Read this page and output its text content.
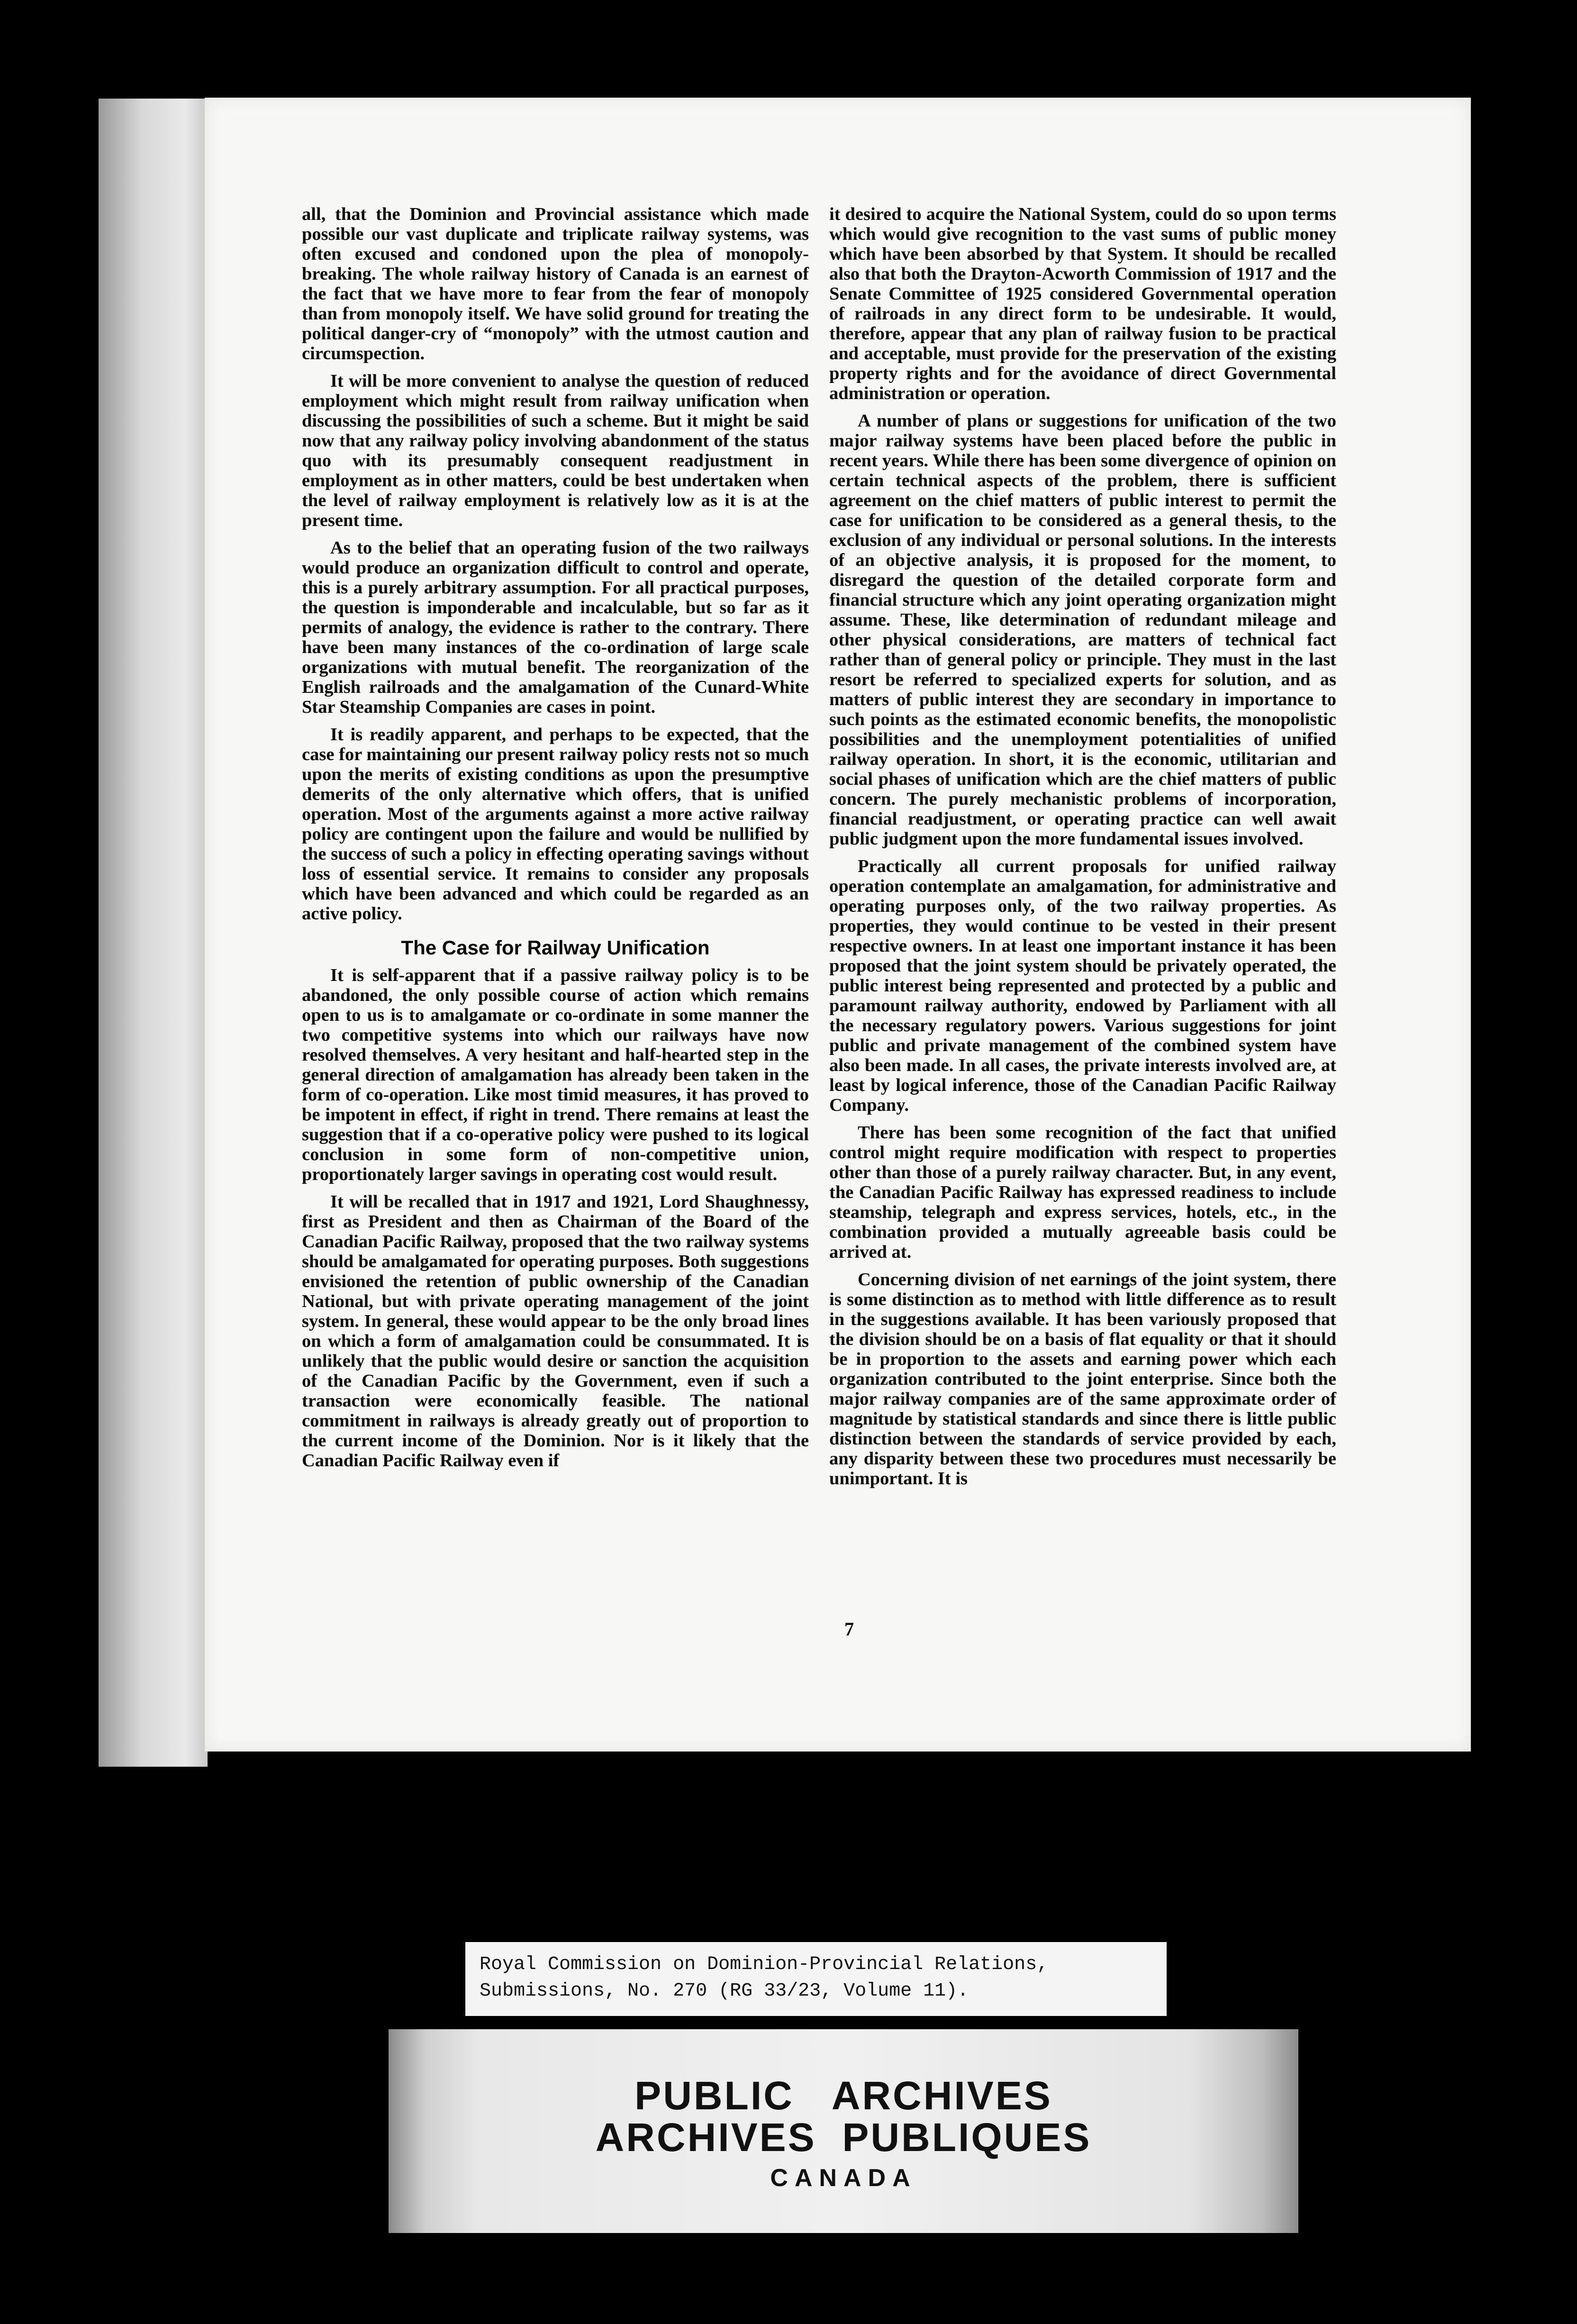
all, that the Dominion and Provincial assistance which made possible our vast duplicate and triplicate railway systems, was often excused and condoned upon the plea of monopoly-breaking. The whole railway history of Canada is an earnest of the fact that we have more to fear from the fear of monopoly than from monopoly itself. We have solid ground for treating the political danger-cry of “monopoly” with the utmost caution and circumspection.

It will be more convenient to analyse the question of reduced employment which might result from railway unification when discussing the possibilities of such a scheme. But it might be said now that any railway policy involving abandonment of the status quo with its presumably consequent readjustment in employment as in other matters, could be best undertaken when the level of railway employment is relatively low as it is at the present time.

As to the belief that an operating fusion of the two railways would produce an organization difficult to control and operate, this is a purely arbitrary assumption. For all practical purposes, the question is imponderable and incalculable, but so far as it permits of analogy, the evidence is rather to the contrary. There have been many instances of the co-ordination of large scale organizations with mutual benefit. The reorganization of the English railroads and the amalgamation of the Cunard-White Star Steamship Companies are cases in point.

It is readily apparent, and perhaps to be expected, that the case for maintaining our present railway policy rests not so much upon the merits of existing conditions as upon the presumptive demerits of the only alternative which offers, that is unified operation. Most of the arguments against a more active railway policy are contingent upon the failure and would be nullified by the success of such a policy in effecting operating savings without loss of essential service. It remains to consider any proposals which have been advanced and which could be regarded as an active policy.

The Case for Railway Unification

It is self-apparent that if a passive railway policy is to be abandoned, the only possible course of action which remains open to us is to amalgamate or co-ordinate in some manner the two competitive systems into which our railways have now resolved themselves. A very hesitant and half-hearted step in the general direction of amalgamation has already been taken in the form of co-operation. Like most timid measures, it has proved to be impotent in effect, if right in trend. There remains at least the suggestion that if a co-operative policy were pushed to its logical conclusion in some form of non-competitive union, proportionately larger savings in operating cost would result.

It will be recalled that in 1917 and 1921, Lord Shaughnessy, first as President and then as Chairman of the Board of the Canadian Pacific Railway, proposed that the two railway systems should be amalgamated for operating purposes. Both suggestions envisioned the retention of public ownership of the Canadian National, but with private operating management of the joint system. In general, these would appear to be the only broad lines on which a form of amalgamation could be consummated. It is unlikely that the public would desire or sanction the acquisition of the Canadian Pacific by the Government, even if such a transaction were economically feasible. The national commitment in railways is already greatly out of proportion to the current income of the Dominion. Nor is it likely that the Canadian Pacific Railway even if

it desired to acquire the National System, could do so upon terms which would give recognition to the vast sums of public money which have been absorbed by that System. It should be recalled also that both the Drayton-Acworth Commission of 1917 and the Senate Committee of 1925 considered Governmental operation of railroads in any direct form to be undesirable. It would, therefore, appear that any plan of railway fusion to be practical and acceptable, must provide for the preservation of the existing property rights and for the avoidance of direct Governmental administration or operation.

A number of plans or suggestions for unification of the two major railway systems have been placed before the public in recent years. While there has been some divergence of opinion on certain technical aspects of the problem, there is sufficient agreement on the chief matters of public interest to permit the case for unification to be considered as a general thesis, to the exclusion of any individual or personal solutions. In the interests of an objective analysis, it is proposed for the moment, to disregard the question of the detailed corporate form and financial structure which any joint operating organization might assume. These, like determination of redundant mileage and other physical considerations, are matters of technical fact rather than of general policy or principle. They must in the last resort be referred to specialized experts for solution, and as matters of public interest they are secondary in importance to such points as the estimated economic benefits, the monopolistic possibilities and the unemployment potentialities of unified railway operation. In short, it is the economic, utilitarian and social phases of unification which are the chief matters of public concern. The purely mechanistic problems of incorporation, financial readjustment, or operating practice can well await public judgment upon the more fundamental issues involved.

Practically all current proposals for unified railway operation contemplate an amalgamation, for administrative and operating purposes only, of the two railway properties. As properties, they would continue to be vested in their present respective owners. In at least one important instance it has been proposed that the joint system should be privately operated, the public interest being represented and protected by a public and paramount railway authority, endowed by Parliament with all the necessary regulatory powers. Various suggestions for joint public and private management of the combined system have also been made. In all cases, the private interests involved are, at least by logical inference, those of the Canadian Pacific Railway Company.

There has been some recognition of the fact that unified control might require modification with respect to properties other than those of a purely railway character. But, in any event, the Canadian Pacific Railway has expressed readiness to include steamship, telegraph and express services, hotels, etc., in the combination provided a mutually agreeable basis could be arrived at.

Concerning division of net earnings of the joint system, there is some distinction as to method with little difference as to result in the suggestions available. It has been variously proposed that the division should be on a basis of flat equality or that it should be in proportion to the assets and earning power which each organization contributed to the joint enterprise. Since both the major railway companies are of the same approximate order of magnitude by statistical standards and since there is little public distinction between the standards of service provided by each, any disparity between these two procedures must necessarily be unimportant. It is

7
Royal Commission on Dominion-Provincial Relations,
Submissions, No. 270 (RG 33/23, Volume 11).
PUBLIC   ARCHIVES
ARCHIVES  PUBLIQUES
CANADA
